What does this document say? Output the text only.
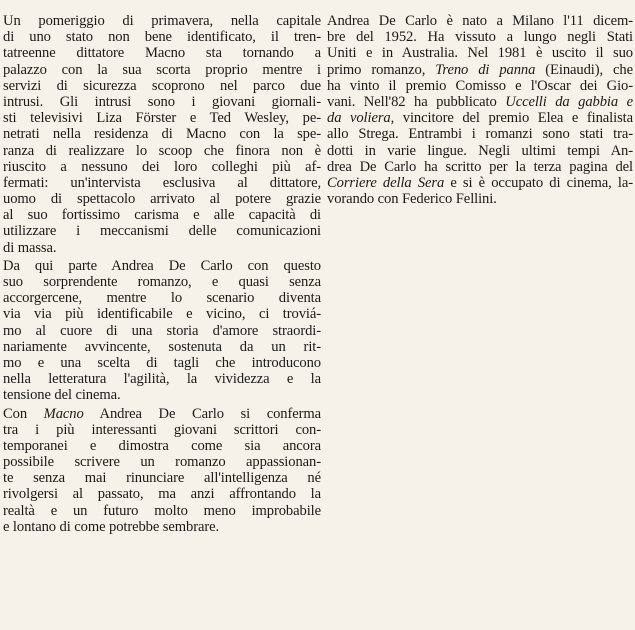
Un pomeriggio di primavera, nella capitale
di uno stato non bene identificato, il tren-
tatreenne dittatore Macno sta tornando a
palazzo con la sua scorta proprio mentre i
servizi di sicurezza scoprono nel parco due
intrusi. Gli intrusi sono i giovani giornali-
sti televisivi Liza Förster e Ted Wesley, pe-
netrati nella residenza di Macno con la spe-
ranza di realizzare lo scoop che finora non è
riuscito a nessuno dei loro colleghi più af-
fermati: un'intervista esclusiva al dittatore,
uomo di spettacolo arrivato al potere grazie
al suo fortissimo carisma e alle capacità di
utilizzare i meccanismi delle comunicazioni
di massa.
Da qui parte Andrea De Carlo con questo
suo sorprendente romanzo, e quasi senza
accorgercene, mentre lo scenario diventa
via via più identificabile e vicino, ci troviá-
mo al cuore di una storia d'amore straordi-
nariamente avvincente, sostenuta da un rit-
mo e una scelta di tagli che introducono
nella letteratura l'agilità, la vividezza e la
tensione del cinema.
Con Macno Andrea De Carlo si conferma
tra i più interessanti giovani scrittori con-
temporanei e dimostra come sia ancora
possibile scrivere un romanzo appassionan-
te senza mai rinunciare all'intelligenza né
rivolgersi al passato, ma anzi affrontando la
realtà e un futuro molto meno improbabile
e lontano di come potrebbe sembrare.
Andrea De Carlo è nato a Milano l'11 dicem-
bre del 1952. Ha vissuto a lungo negli Stati
Uniti e in Australia. Nel 1981 è uscito il suo
primo romanzo, Treno di panna (Einaudi), che
ha vinto il premio Comisso e l'Oscar dei Gio-
vani. Nell'82 ha pubblicato Uccelli da gabbia e
da voliera, vincitore del premio Elea e finalista
allo Strega. Entrambi i romanzi sono stati tra-
dotti in varie lingue. Negli ultimi tempi An-
drea De Carlo ha scritto per la terza pagina del
Corriere della Sera e si è occupato di cinema, la-
vorando con Federico Fellini.
